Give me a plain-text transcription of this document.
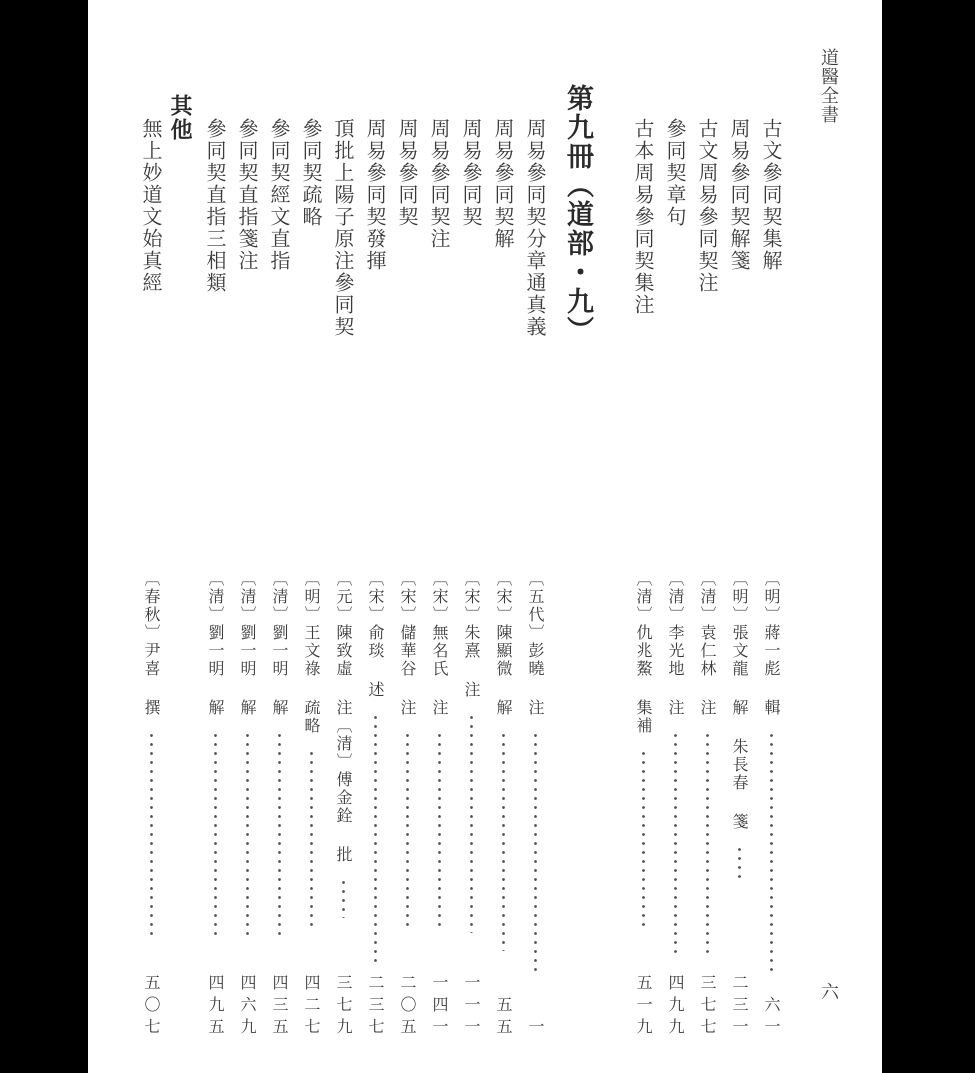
道醫全書
六
古文參同契集解
周易參同契解箋
古文周易參同契注
參同契章句
古本周易參同契集注
第九冊（道部・九）
周易參同契分章通真義
周易參同契解
周易參同契
周易參同契注
周易參同契
周易參同契發揮
頂批上陽子原注參同契
參同契疏略
參同契經文直指
參同契直指箋注
參同契直指三相類
其他
無上妙道文始真經
〔明〕蔣一彪 輯
六一
〔明〕張文龍 解 朱長春 箋
二三一
〔清〕袁仁林 注
三七七
〔清〕李光地 注
四九九
〔清〕仇兆鰲 集補
五一九
〔五代〕彭曉 注
一
〔宋〕陳顯微 解
五五
〔宋〕朱熹 注
一一一
〔宋〕無名氏 注
一四一
〔宋〕儲華谷 注
二〇五
〔宋〕俞琰 述
二三七
〔元〕陳致虛 注〔清〕傅金銓 批
三七九
〔明〕王文祿 疏略
四二七
〔清〕劉一明 解
四三五
〔清〕劉一明 解
四六九
〔清〕劉一明 解
四九五
〔春秋〕尹喜 撰
五〇七
